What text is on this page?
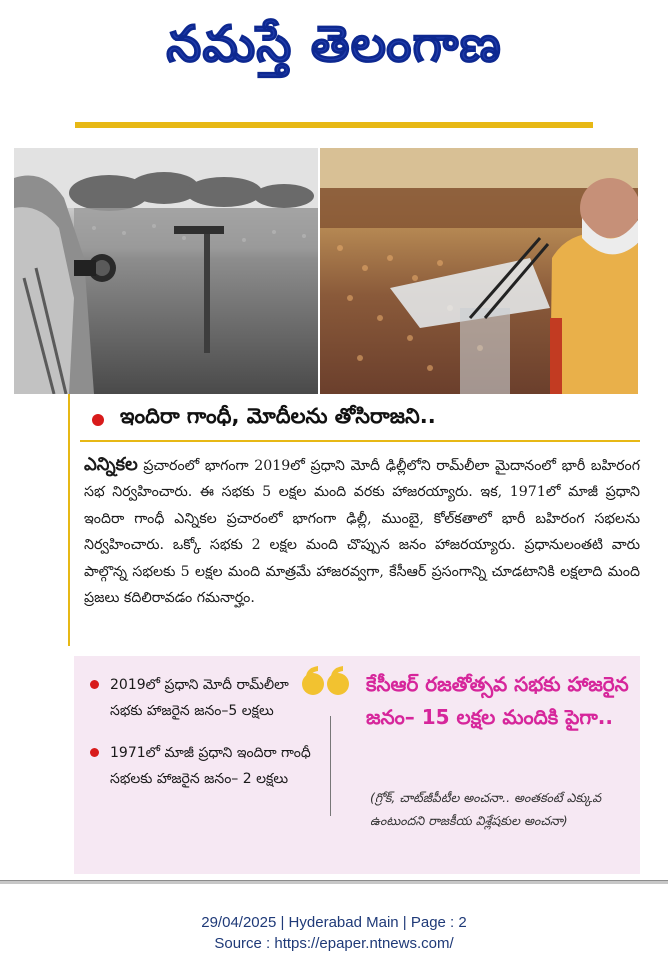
నమస్తే తెలంగాణ
ఇందిరా గాంధీ, మోదీలను తోసిరాజని..

ఎన్నికల ప్రచారంలో భాగంగా 2019లో ప్రధాని మోదీ ఢిల్లీలోని రామ్‌లీలా మైదానంలో భారీ బహిరంగ సభ నిర్వహించారు. ఈ సభకు 5 లక్షల మంది వరకు హాజరయ్యారు. ఇక, 1971లో మాజీ ప్రధాని ఇందిరా గాంధీ ఎన్నికల ప్రచారంలో భాగంగా ఢిల్లీ, ముంబై, కోల్‌కతాలో భారీ బహిరంగ సభలను నిర్వహించారు. ఒక్కో సభకు 2 లక్షల మంది చొప్పున జనం హాజరయ్యారు. ప్రధానులంతటి వారు పాల్గొన్న సభలకు 5 లక్షల మంది మాత్రమే హాజరవ్వగా, కేసీఆర్ ప్రసంగాన్ని చూడటానికి లక్షలాది మంది ప్రజలు కదిలిరావడం గమనార్హం.

2019లో ప్రధాని మోదీ రామ్‌లీలా సభకు హాజరైన జనం–5 లక్షలు
1971లో మాజీ ప్రధాని ఇందిరా గాంధీ సభలకు హాజరైన జనం– 2 లక్షలు
కేసీఆర్ రజతోత్సవ సభకు హాజరైన జనం– 15 లక్షల మందికి పైగా..
(గ్రోక్, చాట్‌జీపీటీల అంచనా.. అంతకంటే ఎక్కువ ఉంటుందని రాజకీయ విశ్లేషకుల అంచనా)
29/04/2025 | Hyderabad Main | Page : 2
Source : https://epaper.ntnews.com/
